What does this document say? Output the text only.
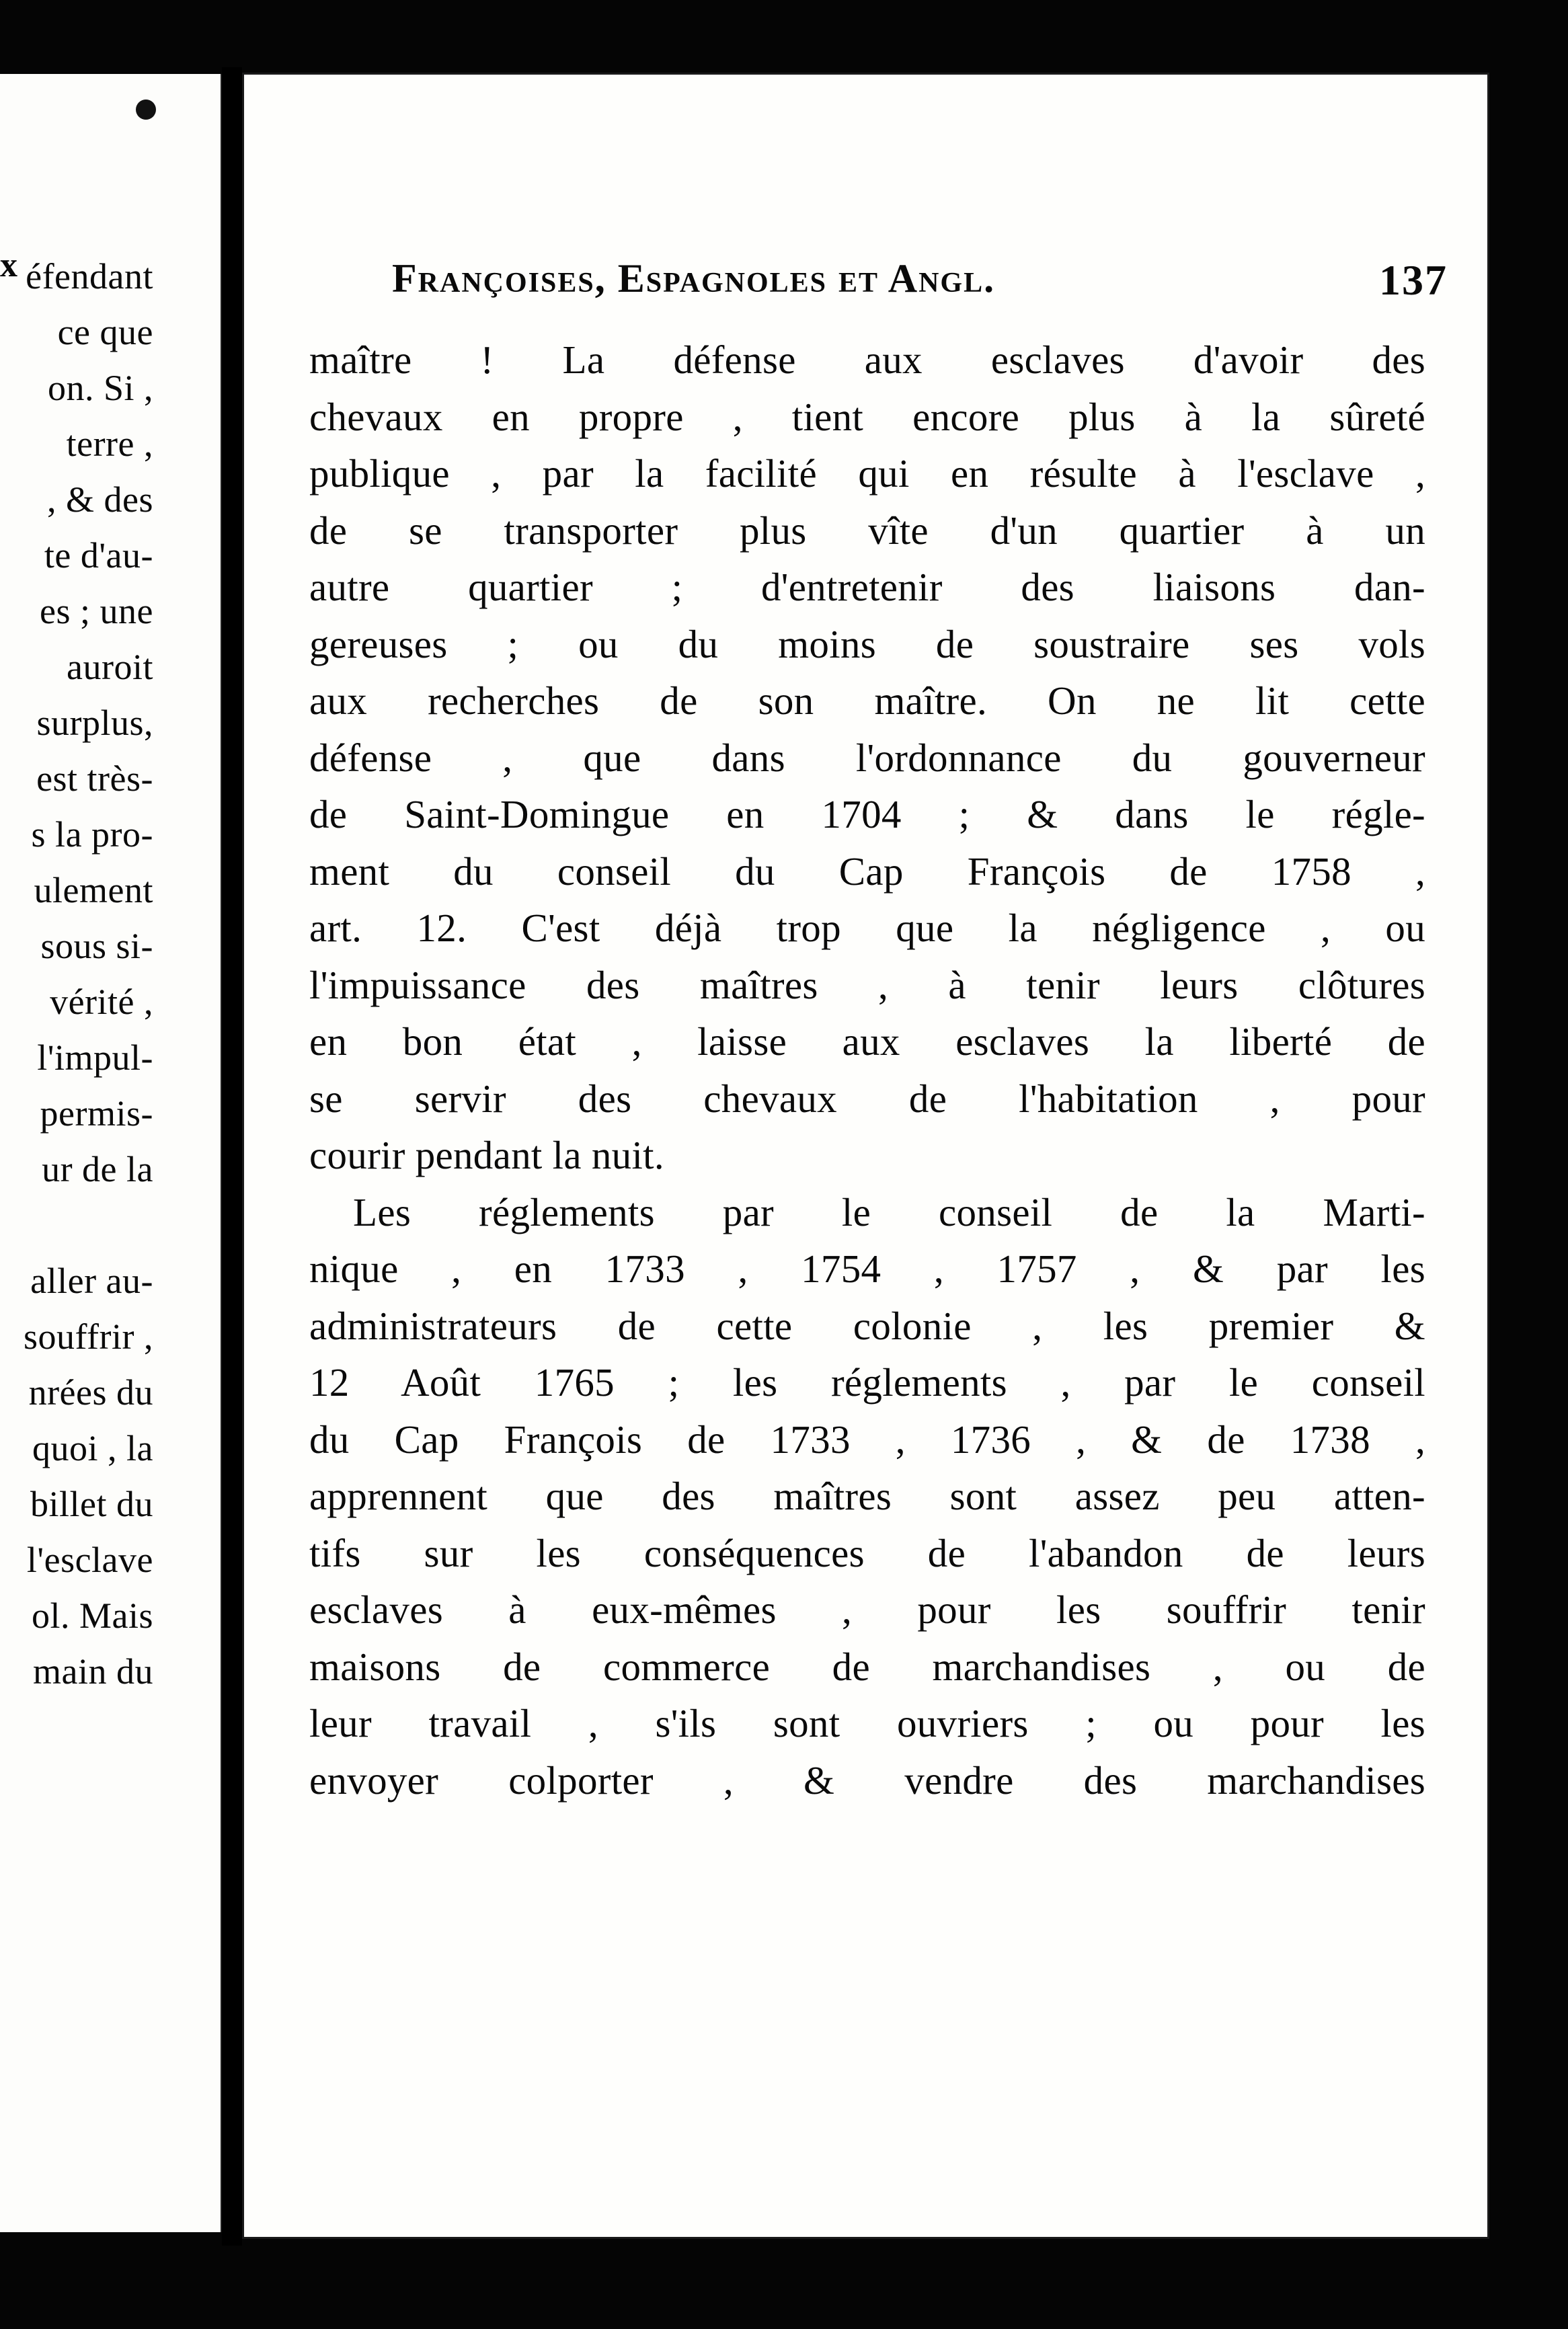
x éfendant
ce que
on. Si ,
terre ,
, & des
te d'au-
es ; une
auroit
surplus,
est très-
s la pro-
ulement
sous si-
vérité ,
l'impul-
permis-
ur de la
aller au-
souffrir ,
nrées du
quoi , la
billet du
l'esclave
ol. Mais
main du
Françoises, Espagnoles et Angl.	137
maître ! La défense aux esclaves d'avoir des
chevaux en propre , tient encore plus à la sûreté
publique , par la facilité qui en résulte à l'esclave ,
de se transporter plus vîte d'un quartier à un
autre quartier ; d'entretenir des liaisons dan-
gereuses ; ou du moins de soustraire ses vols
aux recherches de son maître. On ne lit cette
défense , que dans l'ordonnance du gouverneur
de Saint-Domingue en 1704 ; & dans le régle-
ment du conseil du Cap François de 1758 ,
art. 12. C'est déjà trop que la négligence , ou
l'impuissance des maîtres , à tenir leurs clôtures
en bon état , laisse aux esclaves la liberté de
se servir des chevaux de l'habitation , pour
courir pendant la nuit.
Les réglements par le conseil de la Marti-
nique , en 1733 , 1754 , 1757 , & par les
administrateurs de cette colonie , les premier &
12 Août 1765 ; les réglements , par le conseil
du Cap François de 1733 , 1736 , & de 1738 ,
apprennent que des maîtres sont assez peu atten-
tifs sur les conséquences de l'abandon de leurs
esclaves à eux-mêmes , pour les souffrir tenir
maisons de commerce de marchandises , ou de
leur travail , s'ils sont ouvriers ; ou pour les
envoyer colporter , & vendre des marchandises
